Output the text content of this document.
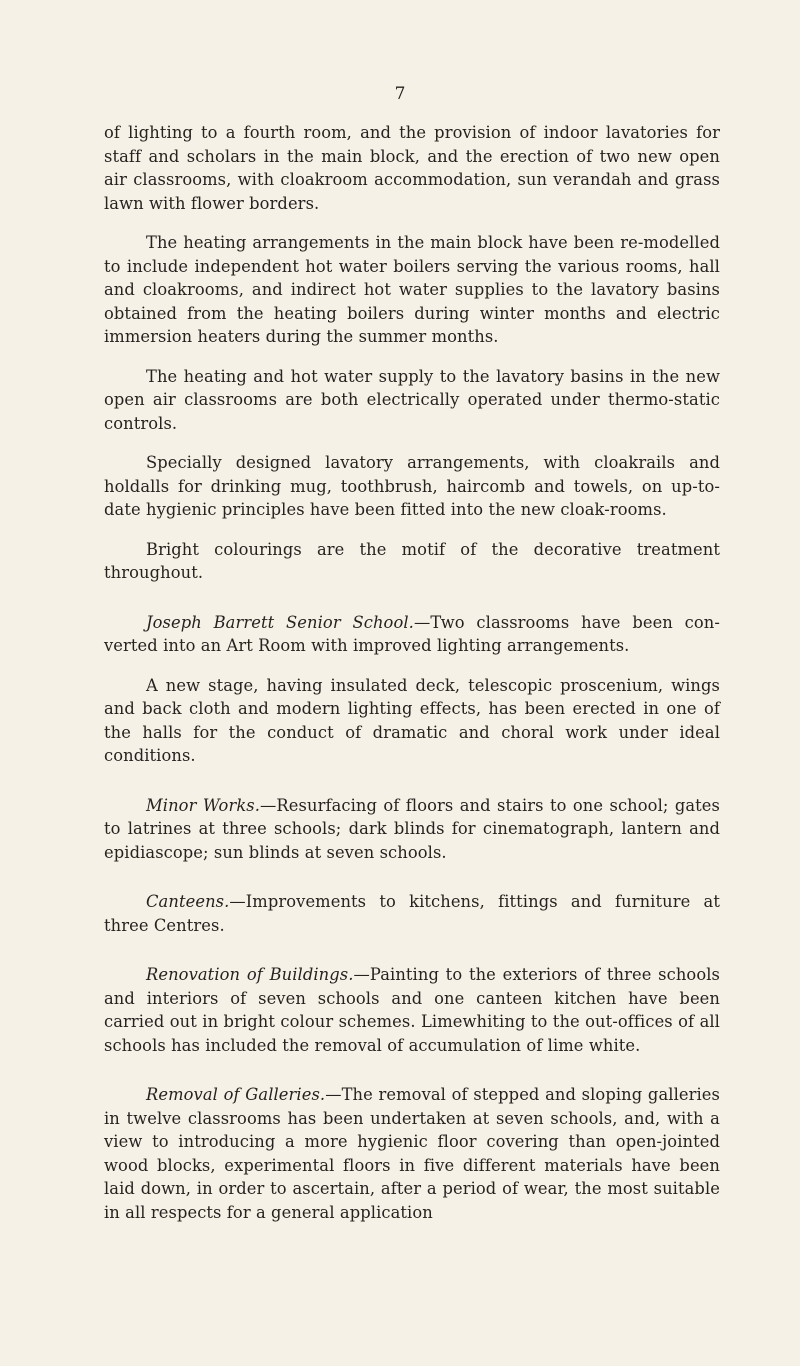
7

of lighting to a fourth room, and the provision of indoor lavatories for staff and scholars in the main block, and the erection of two new open air classrooms, with cloakroom accommodation, sun verandah and grass lawn with flower borders.

The heating arrangements in the main block have been re-modelled to include independent hot water boilers serving the various rooms, hall and cloakrooms, and indirect hot water supplies to the lavatory basins obtained from the heating boilers during winter months and electric immersion heaters during the summer months.

The heating and hot water supply to the lavatory basins in the new open air classrooms are both electrically operated under thermo-static controls.

Specially designed lavatory arrangements, with cloakrails and holdalls for drinking mug, toothbrush, haircomb and towels, on up-to-date hygienic principles have been fitted into the new cloak-rooms.

Bright colourings are the motif of the decorative treatment throughout.

Joseph Barrett Senior School.—Two classrooms have been con-verted into an Art Room with improved lighting arrangements.

A new stage, having insulated deck, telescopic proscenium, wings and back cloth and modern lighting effects, has been erected in one of the halls for the conduct of dramatic and choral work under ideal conditions.

Minor Works.—Resurfacing of floors and stairs to one school; gates to latrines at three schools; dark blinds for cinematograph, lantern and epidiascope; sun blinds at seven schools.

Canteens.—Improvements to kitchens, fittings and furniture at three Centres.

Renovation of Buildings.—Painting to the exteriors of three schools and interiors of seven schools and one canteen kitchen have been carried out in bright colour schemes. Limewhiting to the out-offices of all schools has included the removal of accumulation of lime white.

Removal of Galleries.—The removal of stepped and sloping galleries in twelve classrooms has been undertaken at seven schools, and, with a view to introducing a more hygienic floor covering than open-jointed wood blocks, experimental floors in five different materials have been laid down, in order to ascertain, after a period of wear, the most suitable in all respects for a general application
